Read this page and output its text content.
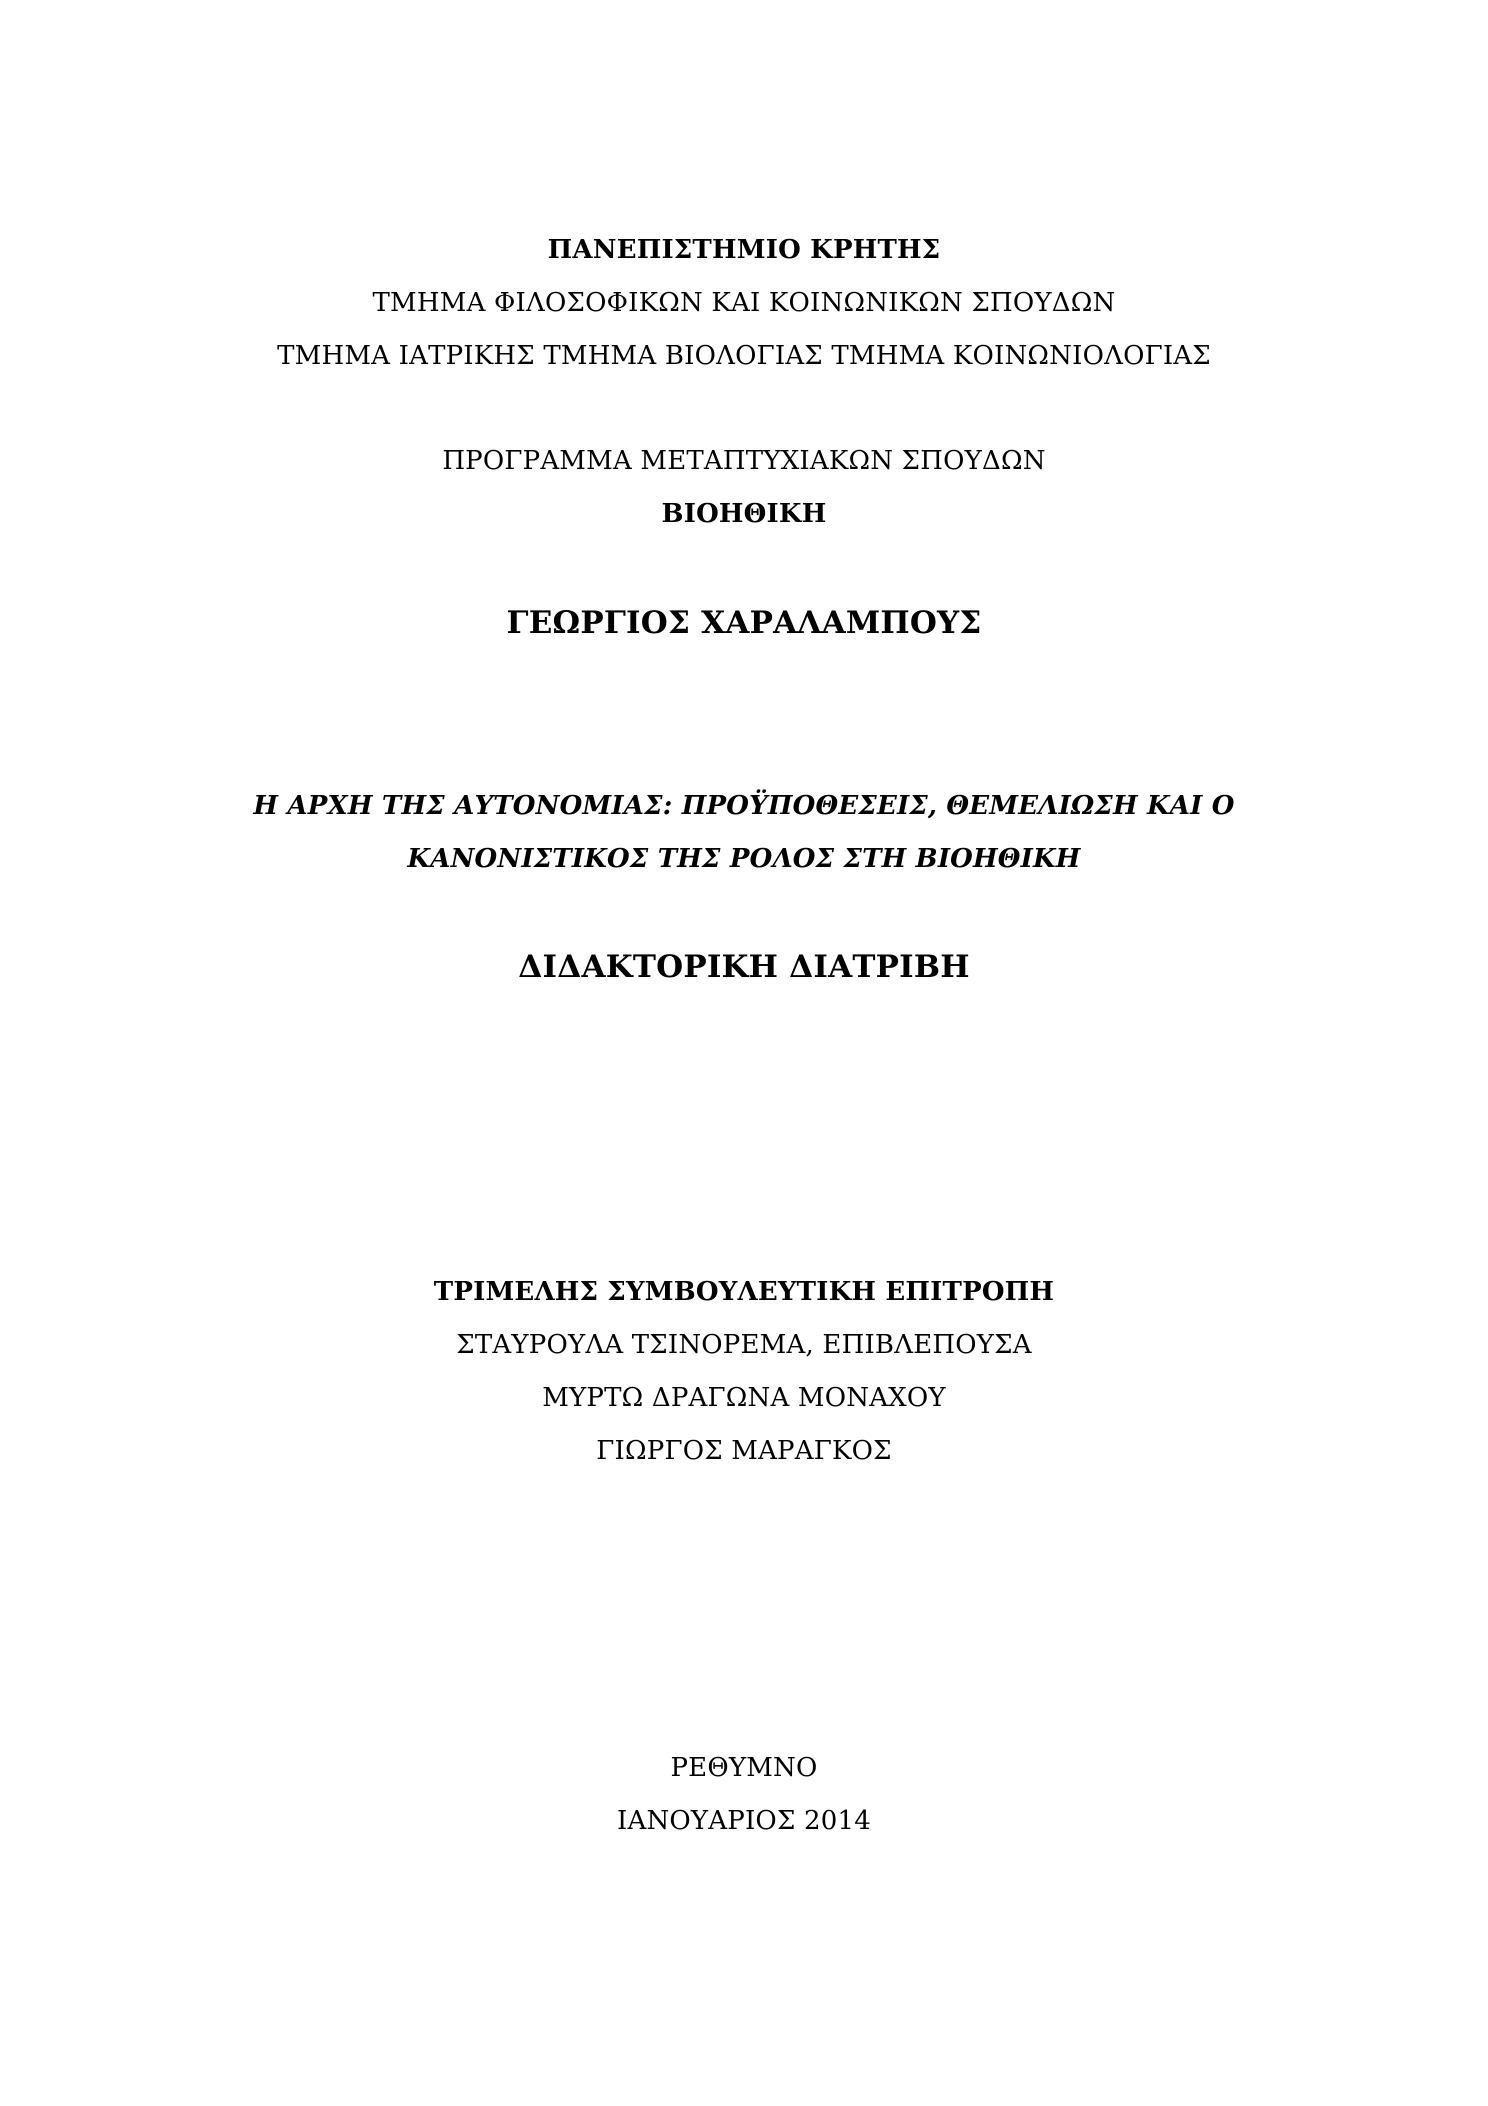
ΠΑΝΕΠΙΣΤΗΜΙΟ ΚΡΗΤΗΣ
ΤΜΗΜΑ ΦΙΛΟΣΟΦΙΚΩΝ ΚΑΙ ΚΟΙΝΩΝΙΚΩΝ ΣΠΟΥΔΩΝ
ΤΜΗΜΑ ΙΑΤΡΙΚΗΣ ΤΜΗΜΑ ΒΙΟΛΟΓΙΑΣ ΤΜΗΜΑ ΚΟΙΝΩΝΙΟΛΟΓΙΑΣ
ΠΡΟΓΡΑΜΜΑ ΜΕΤΑΠΤΥΧΙΑΚΩΝ ΣΠΟΥΔΩΝ
ΒΙΟΗΘΙΚΗ
ΓΕΩΡΓΙΟΣ ΧΑΡΑΛΑΜΠΟΥΣ
Η ΑΡΧΗ ΤΗΣ ΑΥΤΟΝΟΜΙΑΣ: ΠΡΟΫΠΟΘΕΣΕΙΣ, ΘΕΜΕΛΙΩΣΗ ΚΑΙ Ο
ΚΑΝΟΝΙΣΤΙΚΟΣ ΤΗΣ ΡΟΛΟΣ ΣΤΗ ΒΙΟΗΘΙΚΗ
ΔΙΔΑΚΤΟΡΙΚΗ ΔΙΑΤΡΙΒΗ
ΤΡΙΜΕΛΗΣ ΣΥΜΒΟΥΛΕΥΤΙΚΗ ΕΠΙΤΡΟΠΗ
ΣΤΑΥΡΟΥΛΑ ΤΣΙΝΟΡΕΜΑ, ΕΠΙΒΛΕΠΟΥΣΑ
ΜΥΡΤΩ ΔΡΑΓΩΝΑ ΜΟΝΑΧΟΥ
ΓΙΩΡΓΟΣ ΜΑΡΑΓΚΟΣ
ΡΕΘΥΜΝΟ
ΙΑΝΟΥΑΡΙΟΣ 2014
